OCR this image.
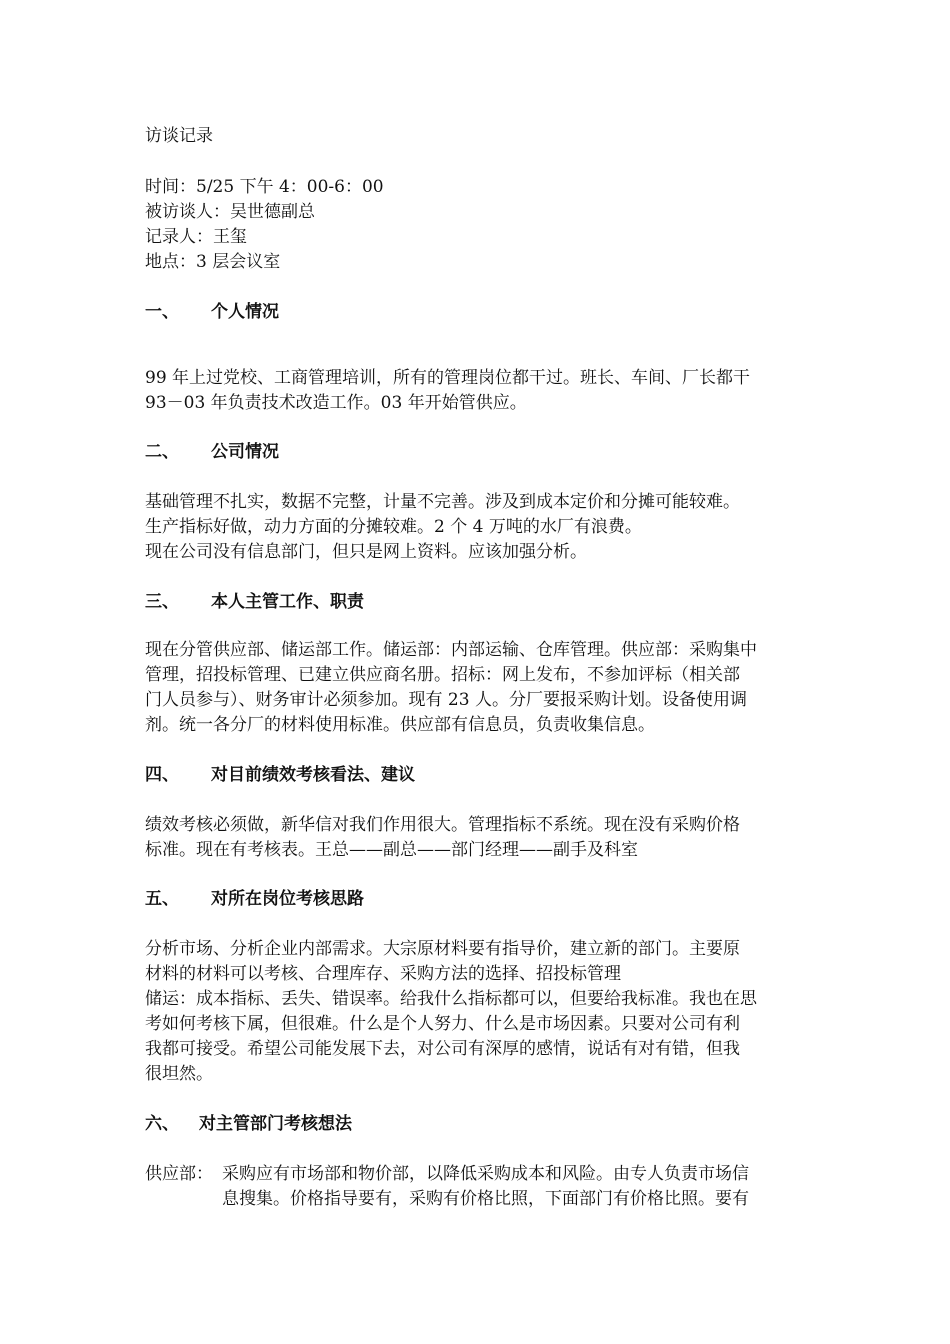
访谈记录
时间：5/25 下午 4：00-6：00
被访谈人：吴世德副总
记录人：王玺
地点：3 层会议室
一、 个人情况
99 年上过党校、工商管理培训，所有的管理岗位都干过。班长、车间、厂长都干
93－03 年负责技术改造工作。03 年开始管供应。
二、 公司情况
基础管理不扎实，数据不完整，计量不完善。涉及到成本定价和分摊可能较难。
生产指标好做，动力方面的分摊较难。2 个 4 万吨的水厂有浪费。
现在公司没有信息部门，但只是网上资料。应该加强分析。
三、 本人主管工作、职责
现在分管供应部、储运部工作。储运部：内部运输、仓库管理。供应部：采购集中
管理，招投标管理、已建立供应商名册。招标：网上发布，不参加评标（相关部
门人员参与）、财务审计必须参加。现有 23 人。分厂要报采购计划。设备使用调
剂。统一各分厂的材料使用标准。供应部有信息员，负责收集信息。
四、 对目前绩效考核看法、建议
绩效考核必须做，新华信对我们作用很大。管理指标不系统。现在没有采购价格
标准。现在有考核表。王总——副总——部门经理——副手及科室
五、 对所在岗位考核思路
分析市场、分析企业内部需求。大宗原材料要有指导价，建立新的部门。主要原
材料的材料可以考核、合理库存、采购方法的选择、招投标管理
储运：成本指标、丢失、错误率。给我什么指标都可以，但要给我标准。我也在思
考如何考核下属，但很难。什么是个人努力、什么是市场因素。只要对公司有利
我都可接受。希望公司能发展下去，对公司有深厚的感情，说话有对有错，但我
很坦然。
六、 对主管部门考核想法
供应部： 采购应有市场部和物价部，以降低采购成本和风险。由专人负责市场信
息搜集。价格指导要有，采购有价格比照，下面部门有价格比照。要有
